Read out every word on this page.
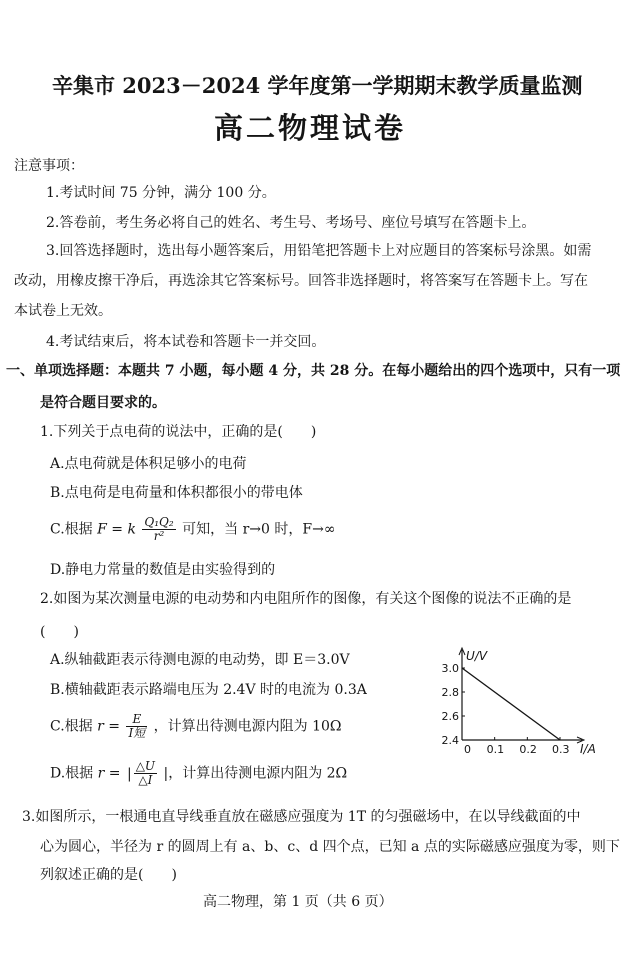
辛集市 2023－2024 学年度第一学期期末教学质量监测
高二物理试卷
注意事项：
1.考试时间 75 分钟，满分 100 分。
2.答卷前，考生务必将自己的姓名、考生号、考场号、座位号填写在答题卡上。
3.回答选择题时，选出每小题答案后，用铅笔把答题卡上对应题目的答案标号涂黑。如需
改动，用橡皮擦干净后，再选涂其它答案标号。回答非选择题时，将答案写在答题卡上。写在
本试卷上无效。
4.考试结束后，将本试卷和答题卡一并交回。
一、单项选择题：本题共 7 小题，每小题 4 分，共 28 分。在每小题给出的四个选项中，只有一项
是符合题目要求的。
1.下列关于点电荷的说法中，正确的是(　　)
A.点电荷就是体积足够小的电荷
B.点电荷是电荷量和体积都很小的带电体
C.根据 F = k $\frac{\text{Q₁Q₂}}{\text{r²}}$ 可知，当 r→0 时，F→∞
D.静电力常量的数值是由实验得到的
2.如图为某次测量电源的电动势和内电阻所作的图像，有关这个图像的说法不正确的是
(　　)
A.纵轴截距表示待测电源的电动势，即 E＝3.0V
B.横轴截距表示路端电压为 2.4V 时的电流为 0.3A
C.根据 $r = \frac{E}{\text{I短}}$ ，计算出待测电源内阻为 10Ω
D.根据 r = | $\frac{\triangle U}{\triangle I}$ |，计算出待测电源内阻为 2Ω
U/V
I/A
0 0.1 0.2 0.3
2.4
2.6
2.8
3.0
3.如图所示，一根通电直导线垂直放在磁感应强度为 1T 的匀强磁场中，在以导线截面的中
心为圆心，半径为 r 的圆周上有 a、b、c、d 四个点，已知 a 点的实际磁感应强度为零，则下
列叙述正确的是(　　)
高二物理，第 1 页（共 6 页）
